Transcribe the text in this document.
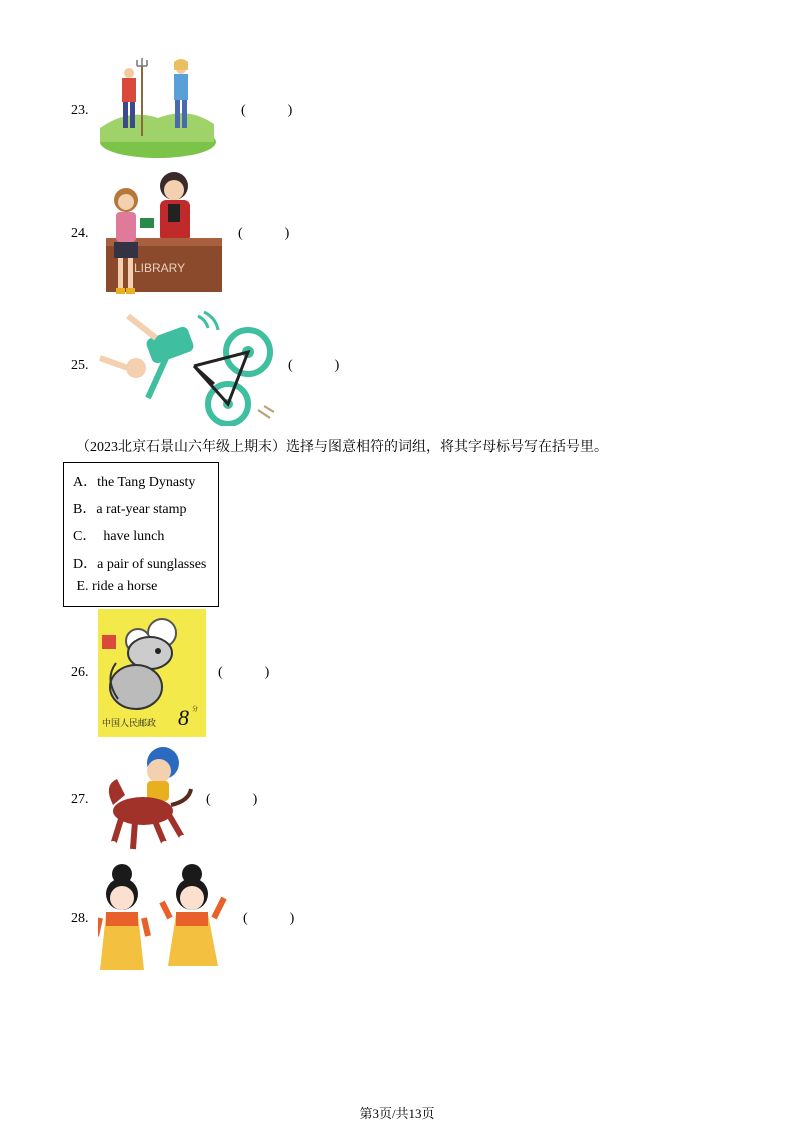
23.	(            )
24.
LIBRARY
(            )
25.	(            )
（2023北京石景山六年级上期末）选择与图意相符的词组，将其字母标号写在括号里。
A．the Tang Dynasty
B．a rat-year stamp
C．  have lunch
D．a pair of sunglasses
E. ride a horse
26.
中国人民邮政 8 分
(            )
27.	(            )
28.	(            )
第3页/共13页
